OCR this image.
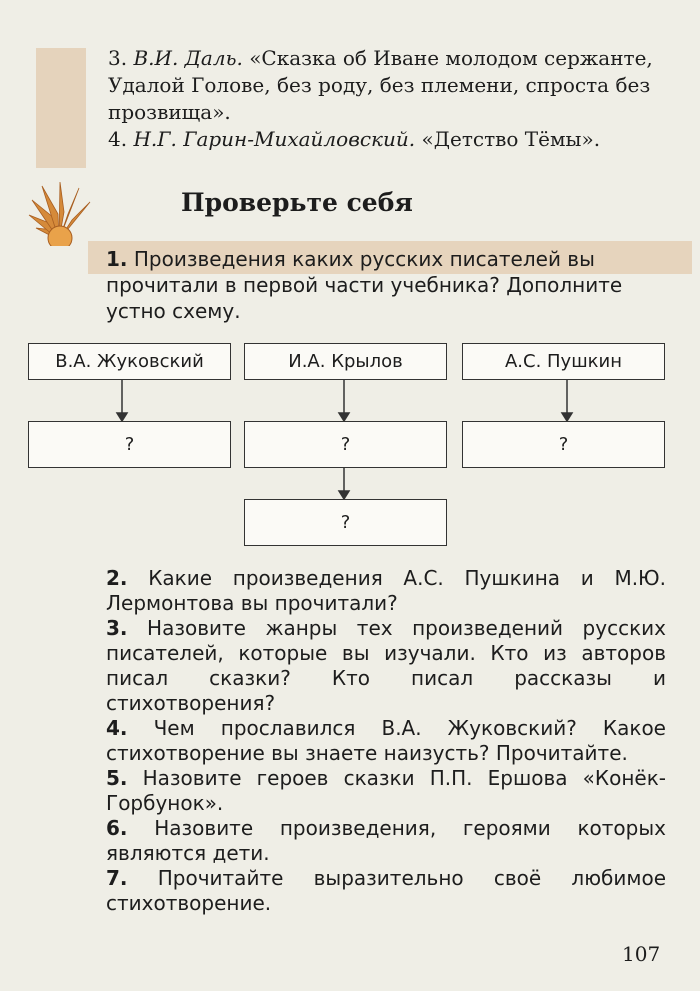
3. В.И. Даль. «Сказка об Иване молодом сержанте, Удалой Голове, без роду, без племени, спроста без прозвища».

4. Н.Г. Гарин-Михайловский. «Детство Тёмы».

Проверьте себя
1. Произведения каких русских писателей вы прочитали в первой части учебника? Дополните устно схему.
В.А. Жуковский	И.А. Крылов	А.С. Пушкин
?	?	?
?

2. Какие произведения А.С. Пушкина и М.Ю. Лермонтова вы прочитали?

3. Назовите жанры тех произведений русских писателей, которые вы изучали. Кто из авторов писал сказки? Кто писал рассказы и стихотворения?

4. Чем прославился В.А. Жуковский? Какое стихотворение вы знаете наизусть? Прочитайте.

5. Назовите героев сказки П.П. Ершова «Конёк-Горбунок».

6. Назовите произведения, героями которых являются дети.

7. Прочитайте выразительно своё любимое стихотворение.

107
